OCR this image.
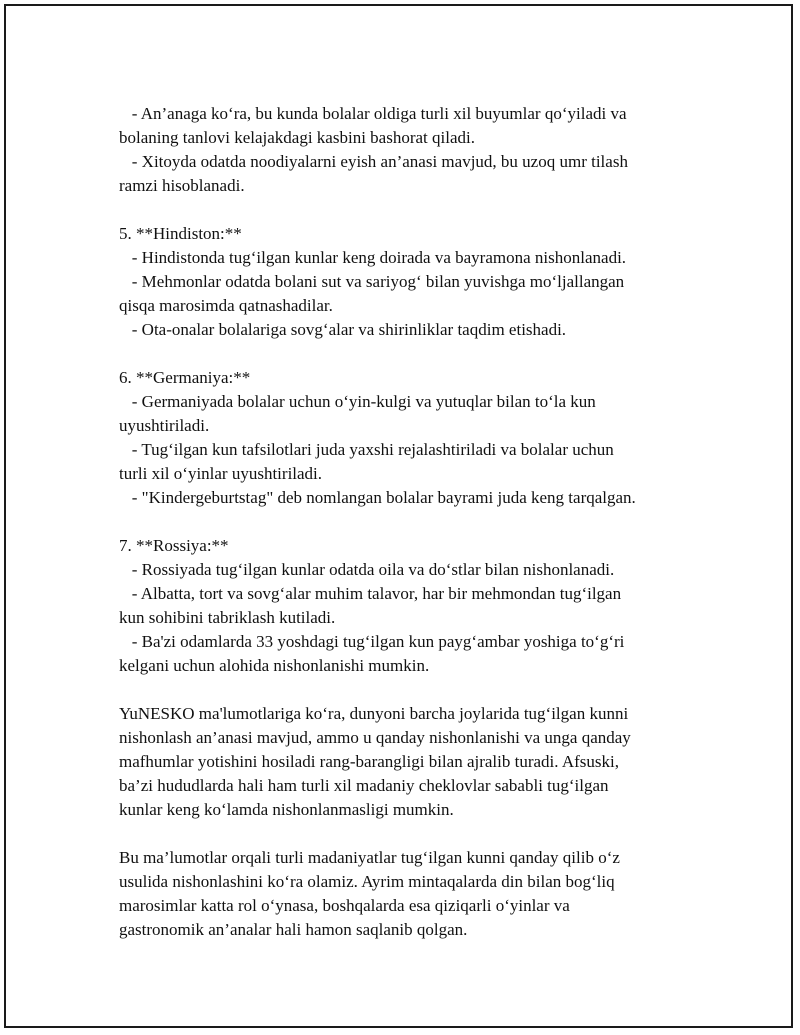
- An’anaga ko‘ra, bu kunda bolalar oldiga turli xil buyumlar qo‘yiladi va
bolaning tanlovi kelajakdagi kasbini bashorat qiladi.
- Xitoyda odatda noodiyalarni eyish an’anasi mavjud, bu uzoq umr tilash
ramzi hisoblanadi.
5. **Hindiston:**
- Hindistonda tug‘ilgan kunlar keng doirada va bayramona nishonlanadi.
- Mehmonlar odatda bolani sut va sariyog‘ bilan yuvishga mo‘ljallangan
qisqa marosimda qatnashadilar.
- Ota-onalar bolalariga sovg‘alar va shirinliklar taqdim etishadi.
6. **Germaniya:**
- Germaniyada bolalar uchun o‘yin-kulgi va yutuqlar bilan to‘la kun
uyushtiriladi.
- Tug‘ilgan kun tafsilotlari juda yaxshi rejalashtiriladi va bolalar uchun
turli xil o‘yinlar uyushtiriladi.
- "Kindergeburtstag" deb nomlangan bolalar bayrami juda keng tarqalgan.
7. **Rossiya:**
- Rossiyada tug‘ilgan kunlar odatda oila va do‘stlar bilan nishonlanadi.
- Albatta, tort va sovg‘alar muhim talavor, har bir mehmondan tug‘ilgan
kun sohibini tabriklash kutiladi.
- Ba'zi odamlarda 33 yoshdagi tug‘ilgan kun payg‘ambar yoshiga to‘g‘ri
kelgani uchun alohida nishonlanishi mumkin.
YuNESKO ma'lumotlariga ko‘ra, dunyoni barcha joylarida tug‘ilgan kunni
nishonlash an’anasi mavjud, ammo u qanday nishonlanishi va unga qanday
mafhumlar yotishini hosiladi rang-barangligi bilan ajralib turadi. Afsuski,
ba’zi hududlarda hali ham turli xil madaniy cheklovlar sababli tug‘ilgan
kunlar keng ko‘lamda nishonlanmasligi mumkin.
Bu ma’lumotlar orqali turli madaniyatlar tug‘ilgan kunni qanday qilib o‘z
usulida nishonlashini ko‘ra olamiz. Ayrim mintaqalarda din bilan bog‘liq
marosimlar katta rol o‘ynasa, boshqalarda esa qiziqarli o‘yinlar va
gastronomik an’analar hali hamon saqlanib qolgan.
